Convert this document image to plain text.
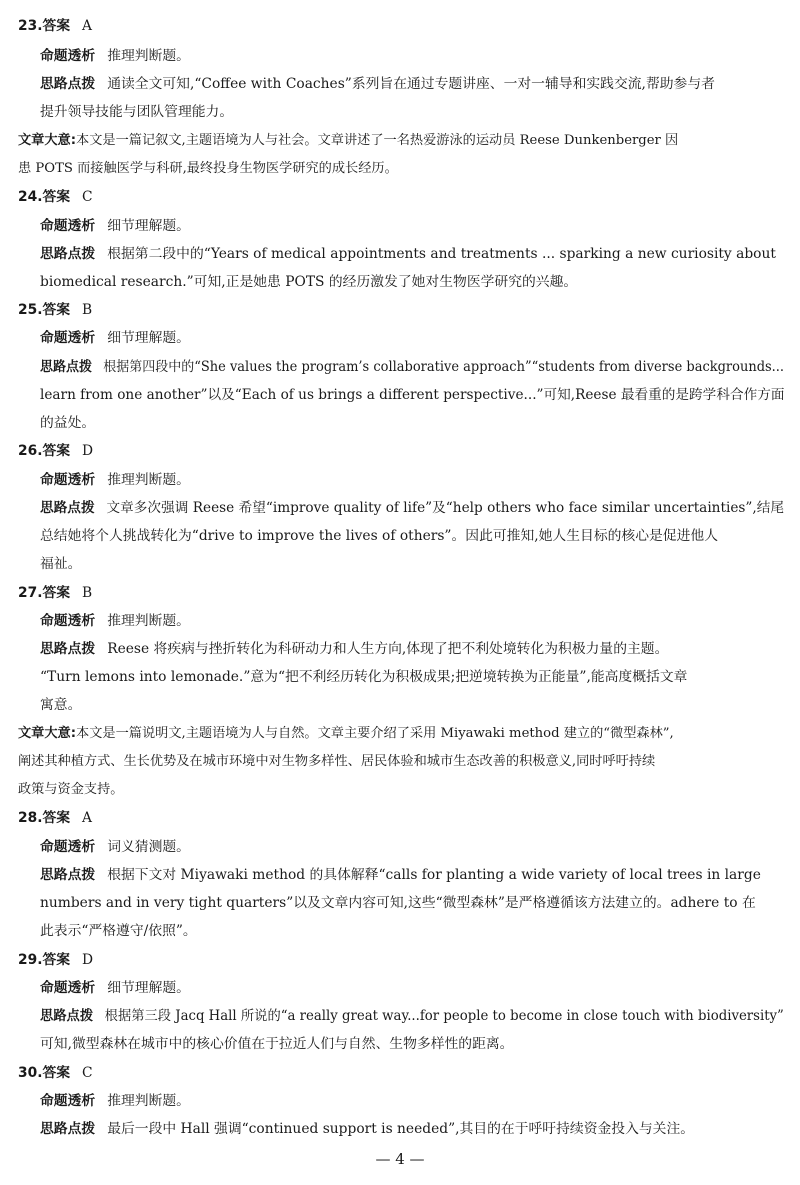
23.答案 A
命题透析 推理判断题。
思路点拨 通读全文可知,“Coffee with Coaches”系列旨在通过专题讲座、一对一辅导和实践交流,帮助参与者
提升领导技能与团队管理能力。
文章大意:本文是一篇记叙文,主题语境为人与社会。文章讲述了一名热爱游泳的运动员 Reese Dunkenberger 因
患 POTS 而接触医学与科研,最终投身生物医学研究的成长经历。
24.答案 C
命题透析 细节理解题。
思路点拨 根据第二段中的“Years of medical appointments and treatments ... sparking a new curiosity about
biomedical research.”可知,正是她患 POTS 的经历激发了她对生物医学研究的兴趣。
25.答案 B
命题透析 细节理解题。
思路点拨 根据第四段中的“She values the program’s collaborative approach”“students from diverse backgrounds...
learn from one another”以及“Each of us brings a different perspective...”可知,Reese 最看重的是跨学科合作方面
的益处。
26.答案 D
命题透析 推理判断题。
思路点拨 文章多次强调 Reese 希望“improve quality of life”及“help others who face similar uncertainties”,结尾
总结她将个人挑战转化为“drive to improve the lives of others”。因此可推知,她人生目标的核心是促进他人
福祉。
27.答案 B
命题透析 推理判断题。
思路点拨 Reese 将疾病与挫折转化为科研动力和人生方向,体现了把不利处境转化为积极力量的主题。
“Turn lemons into lemonade.”意为“把不利经历转化为积极成果;把逆境转换为正能量”,能高度概括文章
寓意。
文章大意:本文是一篇说明文,主题语境为人与自然。文章主要介绍了采用 Miyawaki method 建立的“微型森林”,
阐述其种植方式、生长优势及在城市环境中对生物多样性、居民体验和城市生态改善的积极意义,同时呼吁持续
政策与资金支持。
28.答案 A
命题透析 词义猜测题。
思路点拨 根据下文对 Miyawaki method 的具体解释“calls for planting a wide variety of local trees in large
numbers and in very tight quarters”以及文章内容可知,这些“微型森林”是严格遵循该方法建立的。adhere to 在
此表示“严格遵守/依照”。
29.答案 D
命题透析 细节理解题。
思路点拨 根据第三段 Jacq Hall 所说的“a really great way...for people to become in close touch with biodiversity”
可知,微型森林在城市中的核心价值在于拉近人们与自然、生物多样性的距离。
30.答案 C
命题透析 推理判断题。
思路点拨 最后一段中 Hall 强调“continued support is needed”,其目的在于呼吁持续资金投入与关注。
— 4 —
